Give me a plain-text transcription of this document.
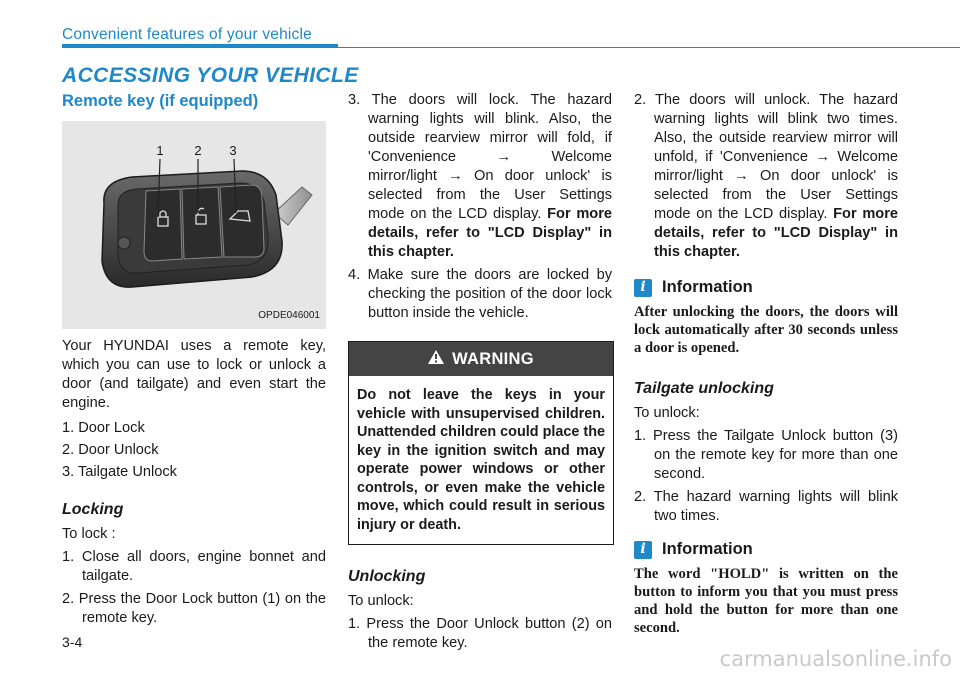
Convenient features of your vehicle
ACCESSING YOUR VEHICLE
Remote key (if equipped)
1 2 3
OPDE046001

Your HYUNDAI uses a remote key, which you can use to lock or unlock a door (and tailgate) and even start the engine.

1. Door Lock
2. Door Unlock
3. Tailgate Unlock
Locking
To lock :
1. Close all doors, engine bonnet and tailgate.
2. Press the Door Lock button (1) on the remote key.
3. The doors will lock. The hazard warning lights will blink. Also, the outside rearview mirror will fold, if 'Convenience → Welcome mirror/light → On door unlock' is selected from the User Settings mode on the LCD display. For more details, refer to "LCD Display" in this chapter.
4. Make sure the doors are locked by checking the position of the door lock button inside the vehicle.
WARNING
Do not leave the keys in your vehicle with unsupervised children. Unattended children could place the key in the ignition switch and may operate power windows or other controls, or even make the vehicle move, which could result in serious injury or death.
Unlocking
To unlock:
1. Press the Door Unlock button (2) on the remote key.
2. The doors will unlock. The hazard warning lights will blink two times. Also, the outside rearview mirror will unfold, if 'Convenience → Welcome mirror/light → On door unlock' is selected from the User Settings mode on the LCD display. For more details, refer to "LCD Display" in this chapter.
i Information
After unlocking the doors, the doors will lock automatically after 30 seconds unless a door is opened.
Tailgate unlocking
To unlock:
1. Press the Tailgate Unlock button (3) on the remote key for more than one second.
2. The hazard warning lights will blink two times.
i Information
The word "HOLD" is written on the button to inform you that you must press and hold the button for more than one second.
3-4
carmanualsonline.info
